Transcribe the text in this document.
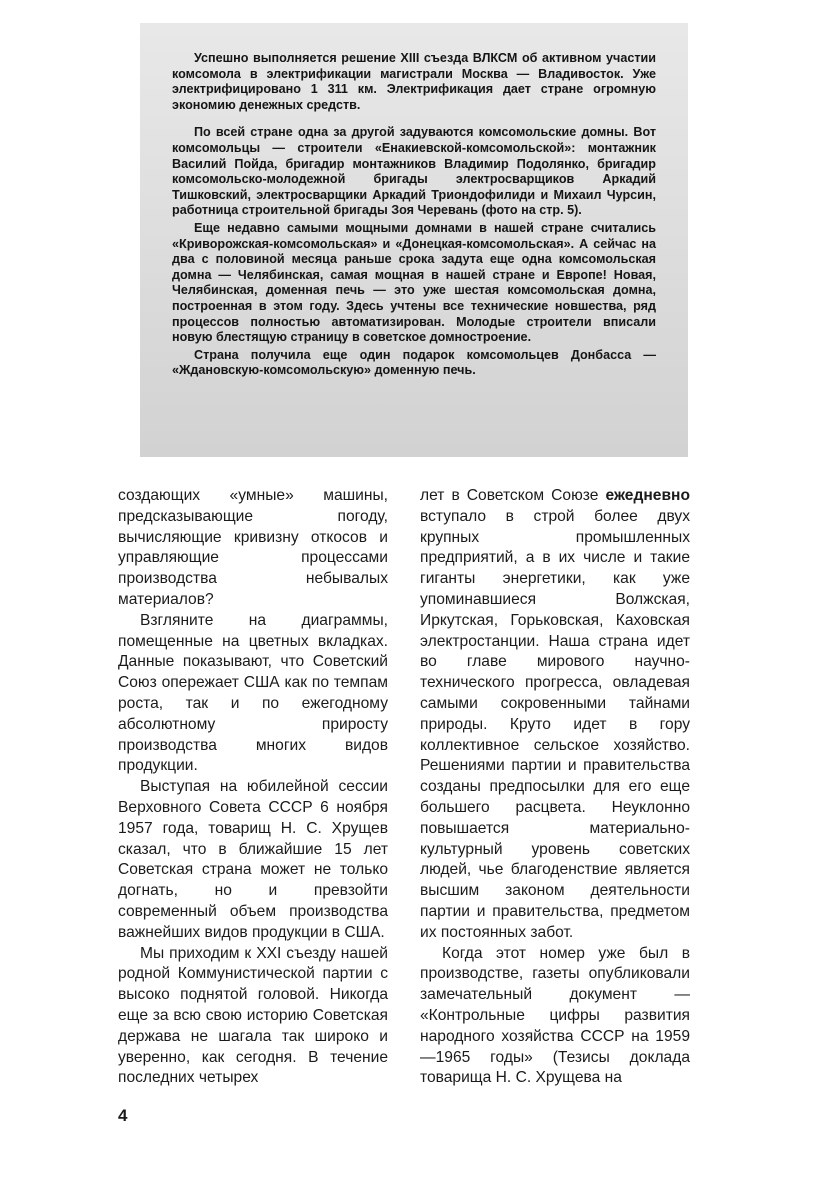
Успешно выполняется решение XIII съезда ВЛКСМ об активном участии комсомола в электрификации магистрали Москва — Владивосток. Уже электрифицировано 1 311 км. Электрификация дает стране огромную экономию денежных средств.

По всей стране одна за другой задуваются комсомольские домны. Вот комсомольцы — строители «Енакиевской-комсомольской»: монтажник Василий Пойда, бригадир монтажников Владимир Подолянко, бригадир комсомольско-молодежной бригады электросварщиков Аркадий Тишковский, электросварщики Аркадий Триондофилиди и Михаил Чурсин, работница строительной бригады Зоя Черевань (фото на стр. 5).

Еще недавно самыми мощными домнами в нашей стране считались «Криворожская-комсомольская» и «Донецкая-комсомольская». А сейчас на два с половиной месяца раньше срока задута еще одна комсомольская домна — Челябинская, самая мощная в нашей стране и Европе! Новая, Челябинская, доменная печь — это уже шестая комсомольская домна, построенная в этом году. Здесь учтены все технические новшества, ряд процессов полностью автоматизирован. Молодые строители вписали новую блестящую страницу в советское домностроение.

Страна получила еще один подарок комсомольцев Донбасса — «Ждановскую-комсомольскую» доменную печь.

создающих «умные» машины, предсказывающие погоду, вычисляющие кривизну откосов и управляющие процессами производства небывалых материалов?

Взгляните на диаграммы, помещенные на цветных вкладках. Данные показывают, что Советский Союз опережает США как по темпам роста, так и по ежегодному абсолютному приросту производства многих видов продукции.

Выступая на юбилейной сессии Верховного Совета СССР 6 ноября 1957 года, товарищ Н. С. Хрущев сказал, что в ближайшие 15 лет Советская страна может не только догнать, но и превзойти современный объем производства важнейших видов продукции в США.

Мы приходим к XXI съезду нашей родной Коммунистической партии с высоко поднятой головой. Никогда еще за всю свою историю Советская держава не шагала так широко и уверенно, как сегодня. В течение последних четырех

лет в Советском Союзе ежедневно вступало в строй более двух крупных промышленных предприятий, а в их числе и такие гиганты энергетики, как уже упоминавшиеся Волжская, Иркутская, Горьковская, Каховская электростанции. Наша страна идет во главе мирового научно-технического прогресса, овладевая самыми сокровенными тайнами природы. Круто идет в гору коллективное сельское хозяйство. Решениями партии и правительства созданы предпосылки для его еще большего расцвета. Неуклонно повышается материально-культурный уровень советских людей, чье благоденствие является высшим законом деятельности партии и правительства, предметом их постоянных забот.

Когда этот номер уже был в производстве, газеты опубликовали замечательный документ — «Контрольные цифры развития народного хозяйства СССР на 1959—1965 годы» (Тезисы доклада товарища Н. С. Хрущева на

4
